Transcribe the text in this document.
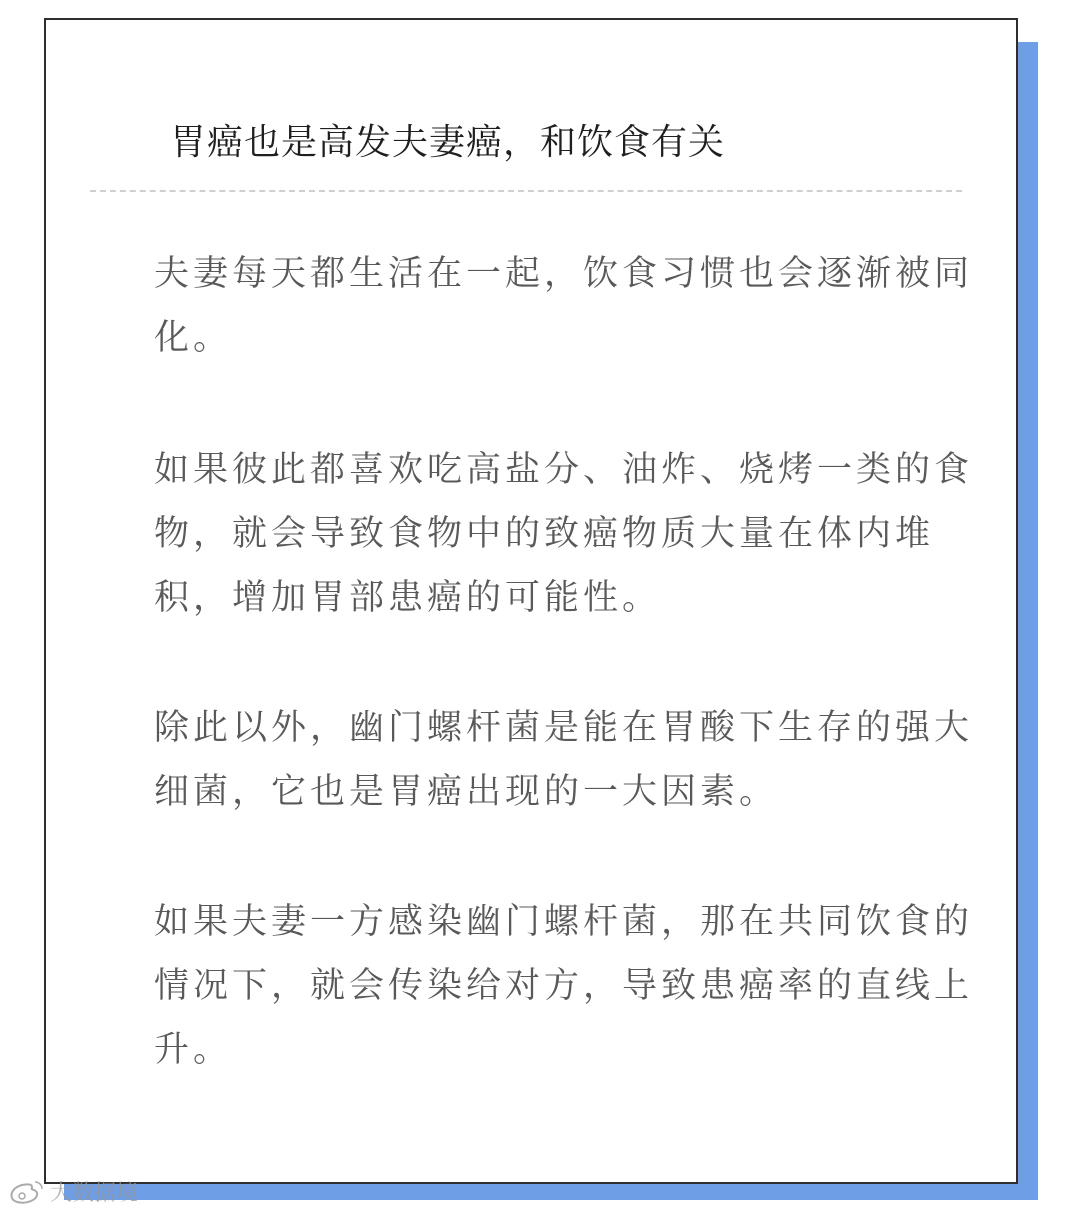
胃癌也是高发夫妻癌，和饮食有关

夫妻每天都生活在一起，饮食习惯也会逐渐被同化。

如果彼此都喜欢吃高盐分、油炸、烧烤一类的食物，就会导致食物中的致癌物质大量在体内堆积，增加胃部患癌的可能性。

除此以外，幽门螺杆菌是能在胃酸下生存的强大细菌，它也是胃癌出现的一大因素。

如果夫妻一方感染幽门螺杆菌，那在共同饮食的情况下，就会传染给对方，导致患癌率的直线上升。

大数据境
